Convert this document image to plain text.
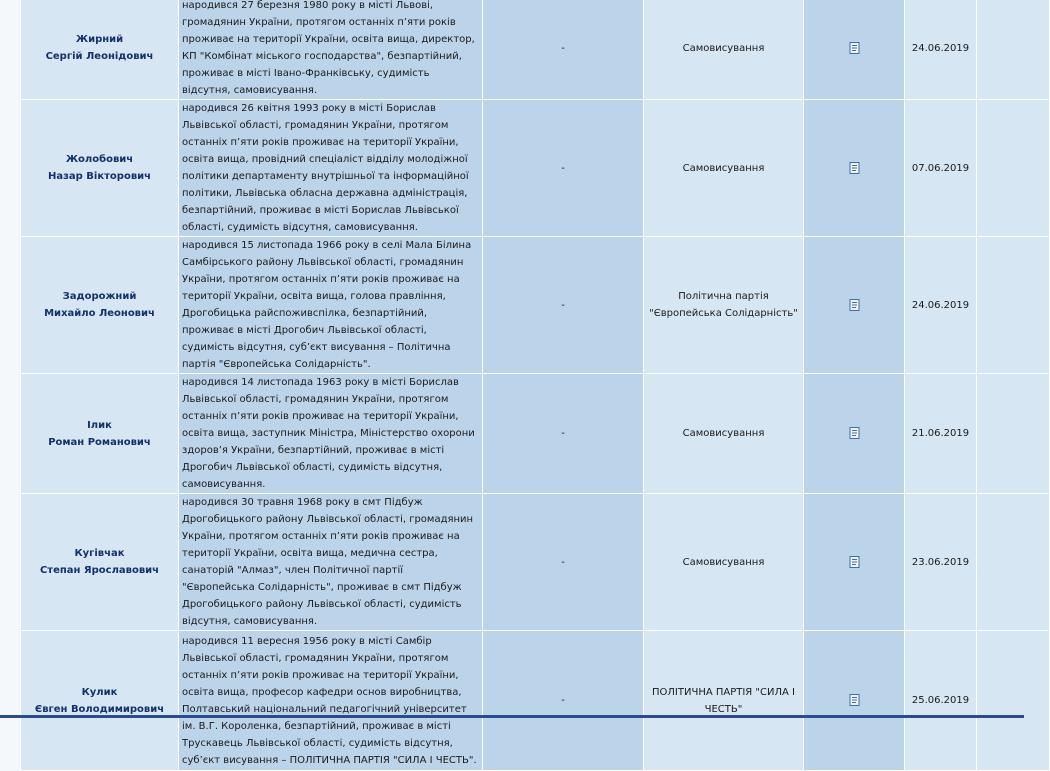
Жирний
Сергій Леонідович	народився 27 березня 1980 року в місті Львові, громадянин України, протягом останніх п’яти років проживає на території України, освіта вища, директор, КП "Комбінат міського господарства", безпартійний, проживає в місті Івано-Франківську, судимість відсутня, самовисування.	-	Самовисування		24.06.2019	

Жолобович
Назар Вікторович	народився 26 квітня 1993 року в місті Борислав Львівської області, громадянин України, протягом останніх п’яти років проживає на території України, освіта вища, провідний спеціаліст відділу молодіжної політики департаменту внутрішньої та інформаційної політики, Львівська обласна державна адміністрація, безпартійний, проживає в місті Борислав Львівської області, судимість відсутня, самовисування.	-	Самовисування		07.06.2019	

Задорожний
Михайло Леонович	народився 15 листопада 1966 року в селі Мала Білина Самбірського району Львівської області, громадянин України, протягом останніх п’яти років проживає на території України, освіта вища, голова правління, Дрогобицька райспоживспілка, безпартійний, проживає в місті Дрогобич Львівської області, судимість відсутня, суб’єкт висування – Політична партія "Європейська Солідарність".	-	Політична партія "Європейська Солідарність"		24.06.2019	

Ілик
Роман Романович	народився 14 листопада 1963 року в місті Борислав Львівської області, громадянин України, протягом останніх п’яти років проживає на території України, освіта вища, заступник Міністра, Міністерство охорони здоров’я України, безпартійний, проживає в місті Дрогобич Львівської області, судимість відсутня, самовисування.	-	Самовисування		21.06.2019	

Кугівчак
Степан Ярославович	народився 30 травня 1968 року в смт Підбуж Дрогобицького району Львівської області, громадянин України, протягом останніх п’яти років проживає на території України, освіта вища, медична сестра, санаторій "Алмаз", член Політичної партії "Європейська Солідарність", проживає в смт Підбуж Дрогобицького району Львівської області, судимість відсутня, самовисування.	-	Самовисування		23.06.2019	

Кулик
Євген Володимирович	народився 11 вересня 1956 року в місті Самбір Львівської області, громадянин України, протягом останніх п’яти років проживає на території України, освіта вища, професор кафедри основ виробництва, Полтавський національний педагогічний університет ім. В.Г. Короленка, безпартійний, проживає в місті Трускавець Львівської області, судимість відсутня, суб’єкт висування – ПОЛІТИЧНА ПАРТІЯ "СИЛА І ЧЕСТЬ".	-	ПОЛІТИЧНА ПАРТІЯ "СИЛА І ЧЕСТЬ"		25.06.2019	
